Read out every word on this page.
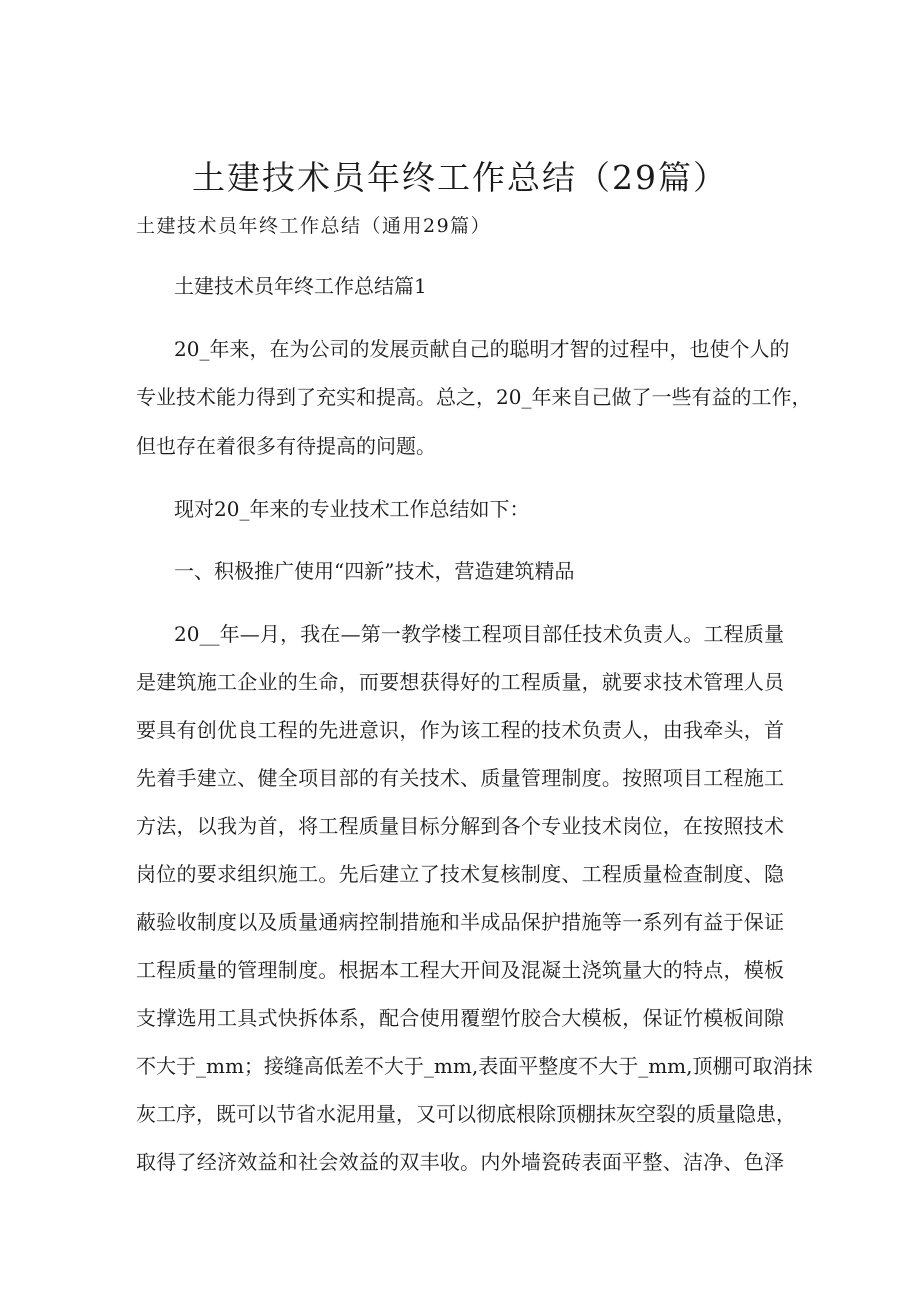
土建技术员年终工作总结（29篇）

土建技术员年终工作总结（通用29篇）

土建技术员年终工作总结篇1

20_年来，在为公司的发展贡献自己的聪明才智的过程中，也使个人的

专业技术能力得到了充实和提高。总之，20_年来自己做了一些有益的工作，

但也存在着很多有待提高的问题。

现对20_年来的专业技术工作总结如下：

一、积极推广使用“四新”技术，营造建筑精品

20__年—月，我在—第一教学楼工程项目部任技术负责人。工程质量

是建筑施工企业的生命，而要想获得好的工程质量，就要求技术管理人员

要具有创优良工程的先进意识，作为该工程的技术负责人，由我牵头，首

先着手建立、健全项目部的有关技术、质量管理制度。按照项目工程施工

方法，以我为首，将工程质量目标分解到各个专业技术岗位，在按照技术

岗位的要求组织施工。先后建立了技术复核制度、工程质量检查制度、隐

蔽验收制度以及质量通病控制措施和半成品保护措施等一系列有益于保证

工程质量的管理制度。根据本工程大开间及混凝土浇筑量大的特点，模板

支撑选用工具式快拆体系，配合使用覆塑竹胶合大模板，保证竹模板间隙

不大于_mm；接缝高低差不大于_mm,表面平整度不大于_mm,顶棚可取消抹

灰工序，既可以节省水泥用量，又可以彻底根除顶棚抹灰空裂的质量隐患，

取得了经济效益和社会效益的双丰收。内外墙瓷砖表面平整、洁净、色泽
